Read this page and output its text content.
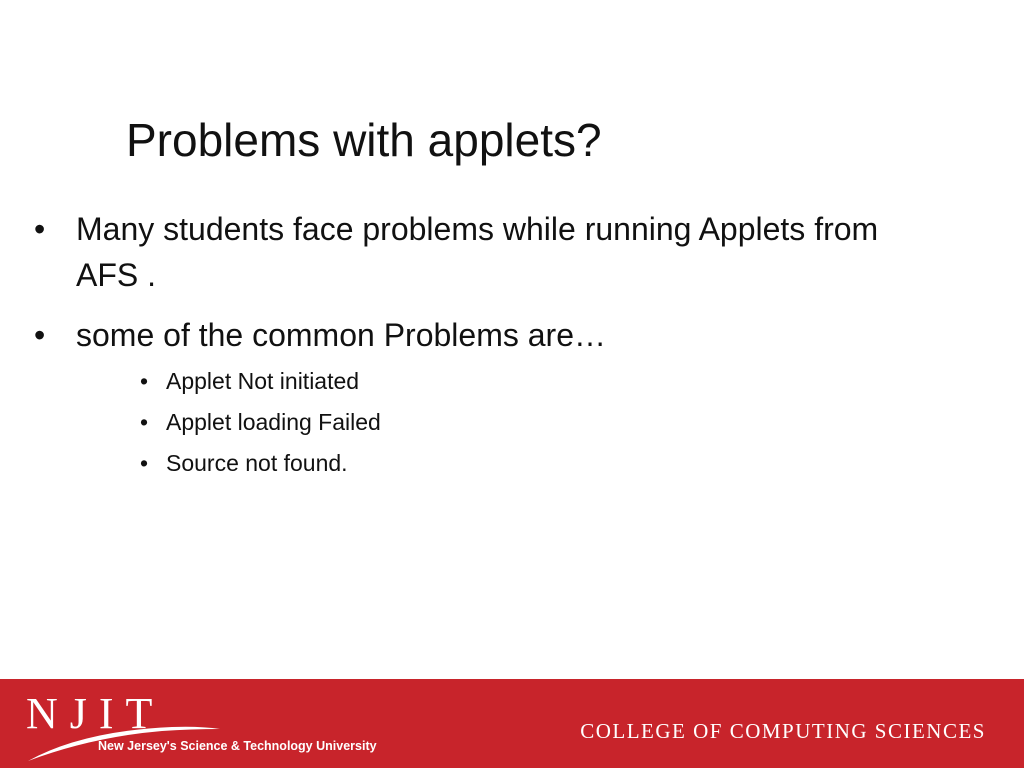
Problems with applets?
• Many students face problems while running Applets from AFS .
• some of the common Problems are…
• Applet Not initiated
• Applet loading Failed
• Source not found.
NJIT
New Jersey's Science & Technology University
COLLEGE OF COMPUTING SCIENCES
